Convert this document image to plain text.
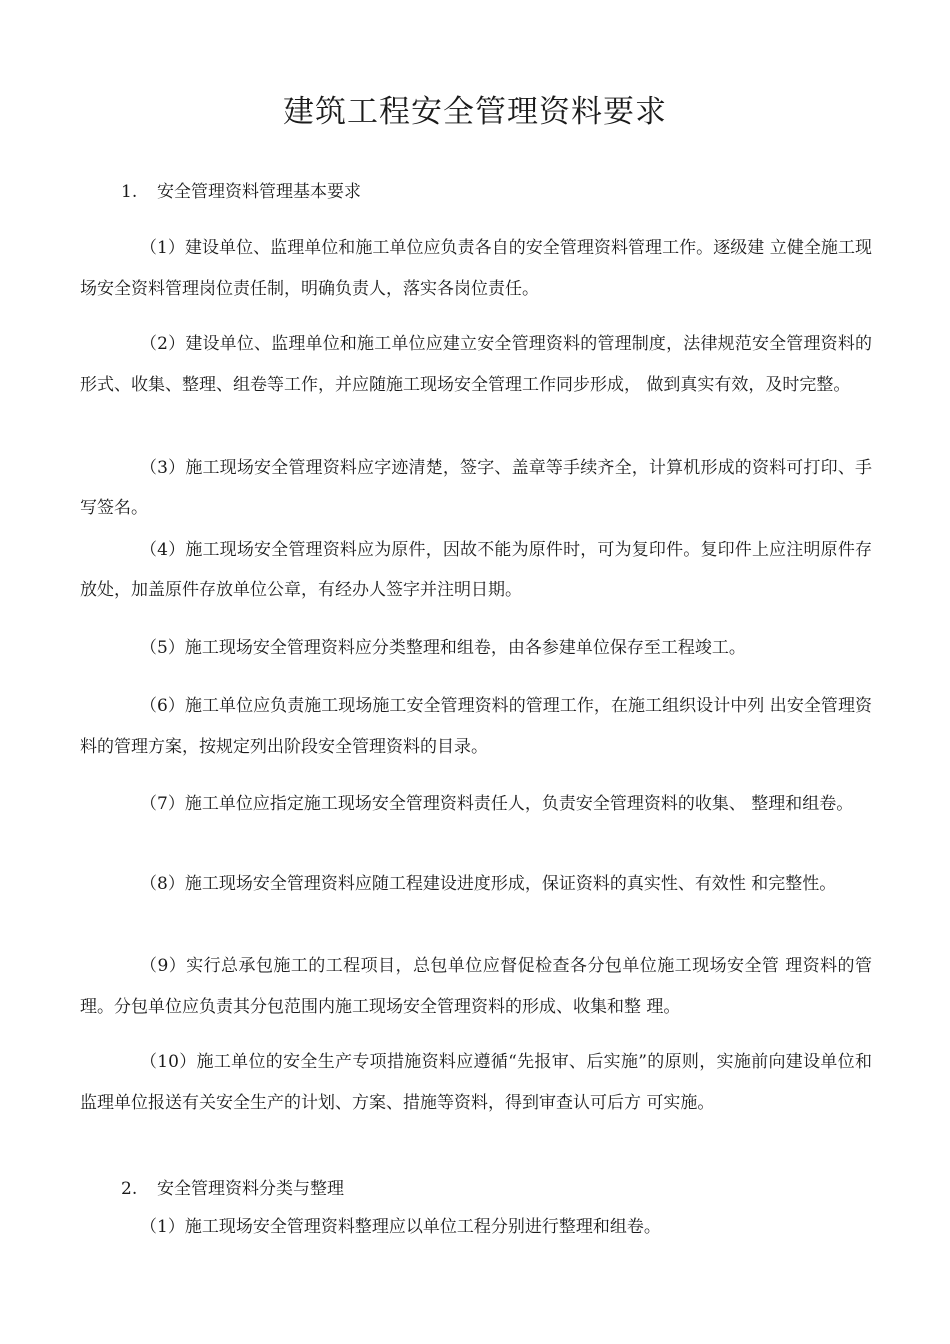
建筑工程安全管理资料要求
1. 安全管理资料管理基本要求

（1）建设单位、监理单位和施工单位应负责各自的安全管理资料管理工作。逐级建 立健全施工现场安全资料管理岗位责任制，明确负责人，落实各岗位责任。

（2）建设单位、监理单位和施工单位应建立安全管理资料的管理制度，法律规范安全管理资料的形式、收集、整理、组卷等工作，并应随施工现场安全管理工作同步形成， 做到真实有效，及时完整。

（3）施工现场安全管理资料应字迹清楚，签字、盖章等手续齐全，计算机形成的资料可打印、手写签名。

（4）施工现场安全管理资料应为原件，因故不能为原件时，可为复印件。复印件上应注明原件存放处，加盖原件存放单位公章，有经办人签字并注明日期。

（5）施工现场安全管理资料应分类整理和组卷，由各参建单位保存至工程竣工。

（6）施工单位应负责施工现场施工安全管理资料的管理工作，在施工组织设计中列 出安全管理资料的管理方案，按规定列出阶段安全管理资料的目录。

（7）施工单位应指定施工现场安全管理资料责任人，负责安全管理资料的收集、 整理和组卷。

（8）施工现场安全管理资料应随工程建设进度形成，保证资料的真实性、有效性 和完整性。

（9）实行总承包施工的工程项目，总包单位应督促检查各分包单位施工现场安全管 理资料的管理。分包单位应负责其分包范围内施工现场安全管理资料的形成、收集和整 理。

（10）施工单位的安全生产专项措施资料应遵循“先报审、后实施”的原则，实施前向建设单位和监理单位报送有关安全生产的计划、方案、措施等资料，得到审查认可后方 可实施。

2. 安全管理资料分类与整理

（1）施工现场安全管理资料整理应以单位工程分别进行整理和组卷。
